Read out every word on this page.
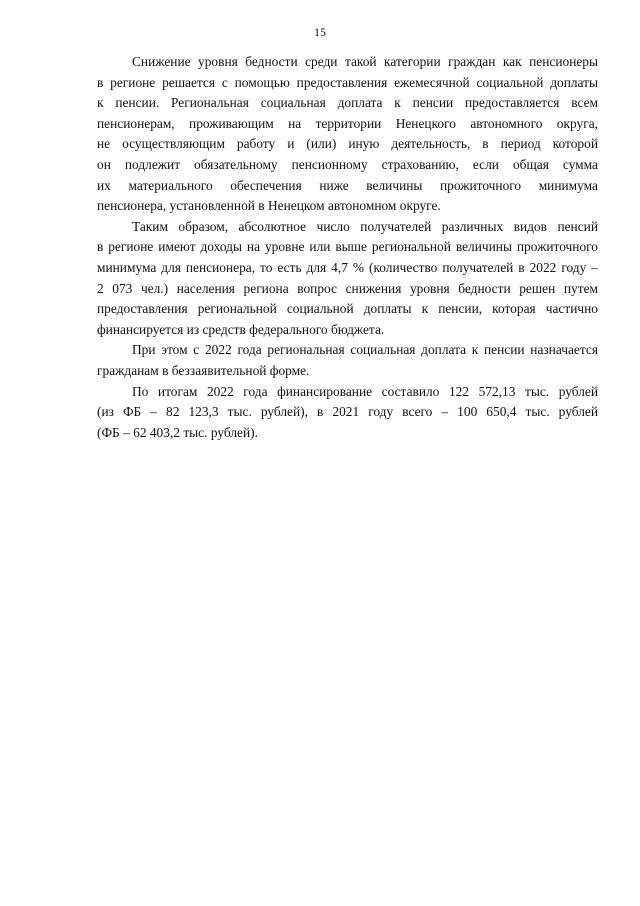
15
Снижение уровня бедности среди такой категории граждан как пенсионеры
в регионе решается с помощью предоставления ежемесячной социальной доплаты
к пенсии. Региональная социальная доплата к пенсии предоставляется всем
пенсионерам, проживающим на территории Ненецкого автономного округа,
не осуществляющим работу и (или) иную деятельность, в период которой
он подлежит обязательному пенсионному страхованию, если общая сумма
их материального обеспечения ниже величины прожиточного минимума
пенсионера, установленной в Ненецком автономном округе.
Таким образом, абсолютное число получателей различных видов пенсий
в регионе имеют доходы на уровне или выше региональной величины прожиточного
минимума для пенсионера, то есть для 4,7 % (количество получателей в 2022 году –
2 073 чел.) населения региона вопрос снижения уровня бедности решен путем
предоставления региональной социальной доплаты к пенсии, которая частично
финансируется из средств федерального бюджета.
При этом с 2022 года региональная социальная доплата к пенсии назначается
гражданам в беззаявительной форме.
По итогам 2022 года финансирование составило 122 572,13 тыс. рублей
(из ФБ – 82 123,3 тыс. рублей), в 2021 году всего – 100 650,4 тыс. рублей
(ФБ – 62 403,2 тыс. рублей).
